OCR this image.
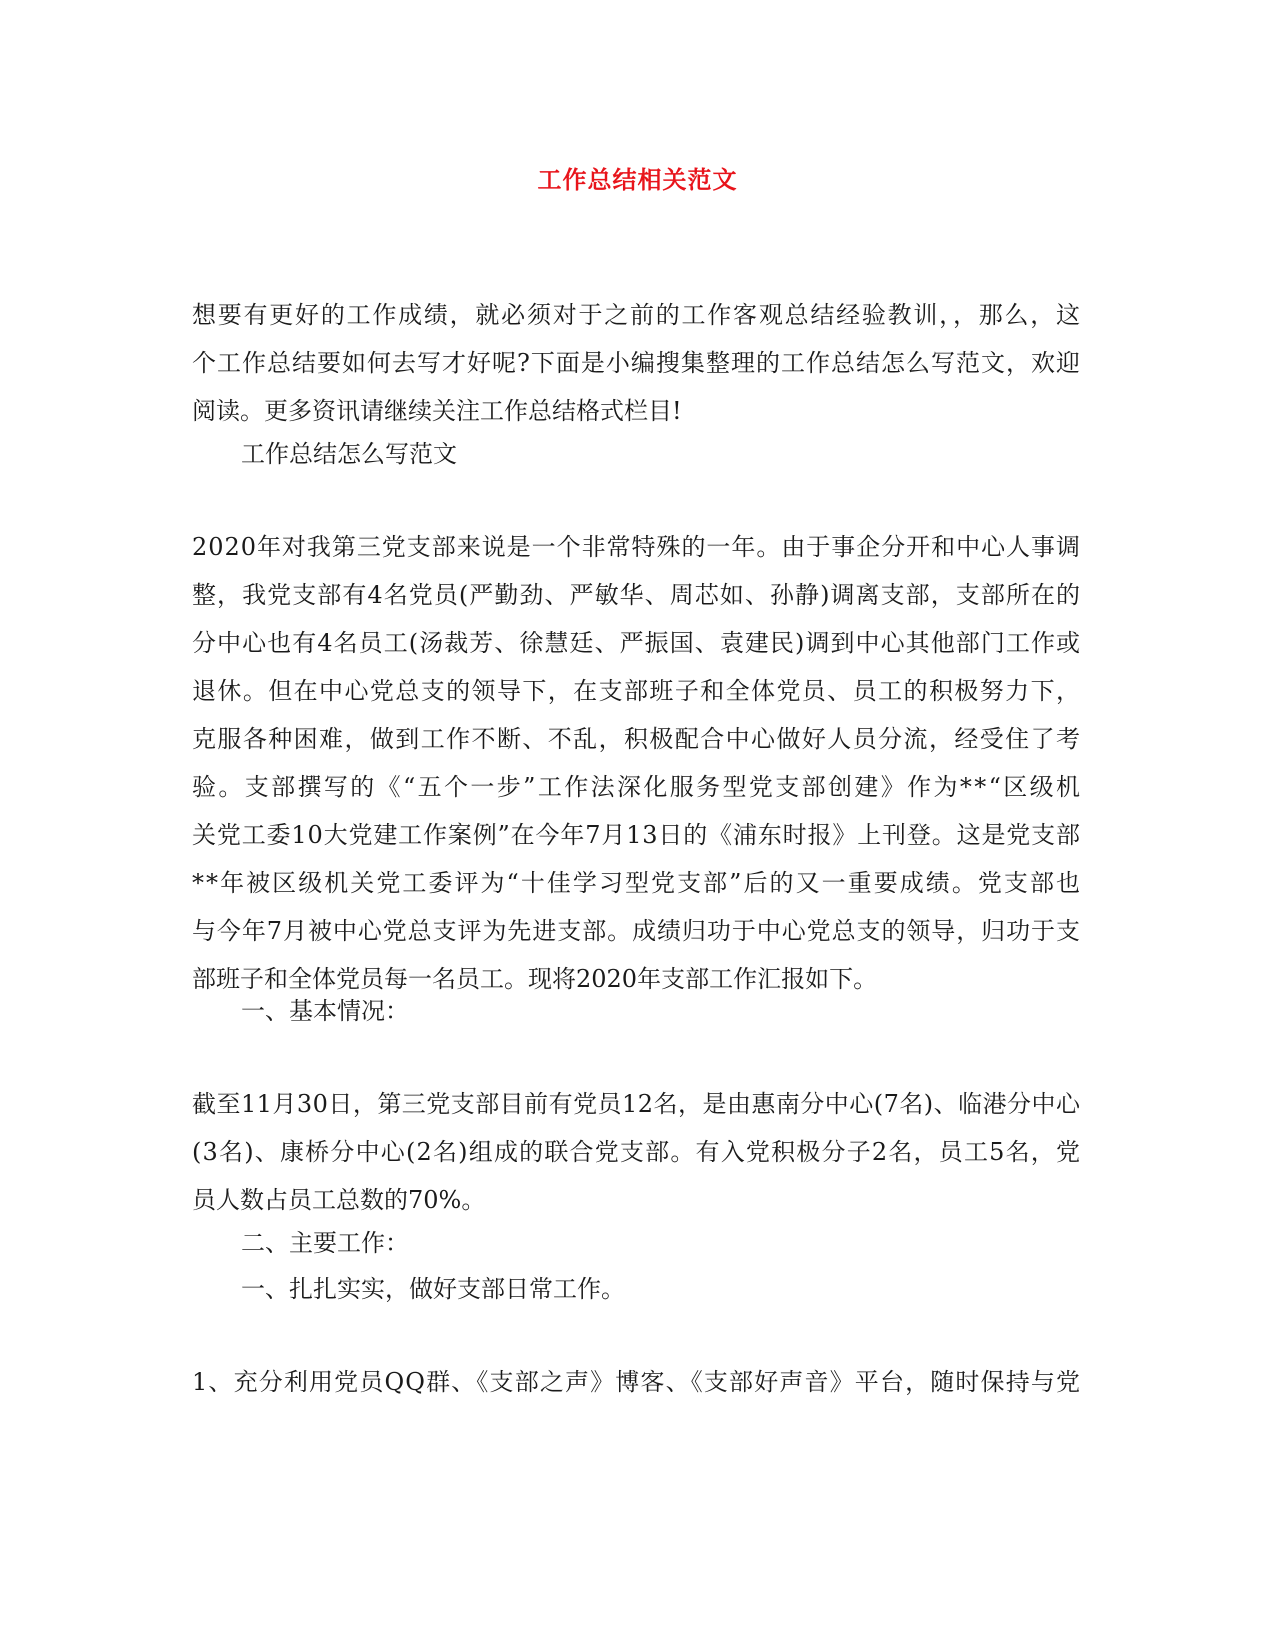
工作总结相关范文
想要有更好的工作成绩，就必须对于之前的工作客观总结经验教训，，那么，这
个工作总结要如何去写才好呢?下面是小编搜集整理的工作总结怎么写范文，欢迎
阅读。更多资讯请继续关注工作总结格式栏目!
工作总结怎么写范文
2020年对我第三党支部来说是一个非常特殊的一年。由于事企分开和中心人事调
整，我党支部有4名党员(严勤劲、严敏华、周芯如、孙静)调离支部，支部所在的
分中心也有4名员工(汤裁芳、徐慧廷、严振国、袁建民)调到中心其他部门工作或
退休。但在中心党总支的领导下，在支部班子和全体党员、员工的积极努力下，
克服各种困难，做到工作不断、不乱，积极配合中心做好人员分流，经受住了考
验。支部撰写的《“五个一步”工作法深化服务型党支部创建》作为**“区级机
关党工委10大党建工作案例”在今年7月13日的《浦东时报》上刊登。这是党支部
**年被区级机关党工委评为“十佳学习型党支部”后的又一重要成绩。党支部也
与今年7月被中心党总支评为先进支部。成绩归功于中心党总支的领导，归功于支
部班子和全体党员每一名员工。现将2020年支部工作汇报如下。
一、基本情况：
截至11月30日，第三党支部目前有党员12名，是由惠南分中心(7名)、临港分中心
(3名)、康桥分中心(2名)组成的联合党支部。有入党积极分子2名，员工5名，党
员人数占员工总数的70%。
二、主要工作：
一、扎扎实实，做好支部日常工作。
1、充分利用党员QQ群、《支部之声》博客、《支部好声音》平台，随时保持与党
